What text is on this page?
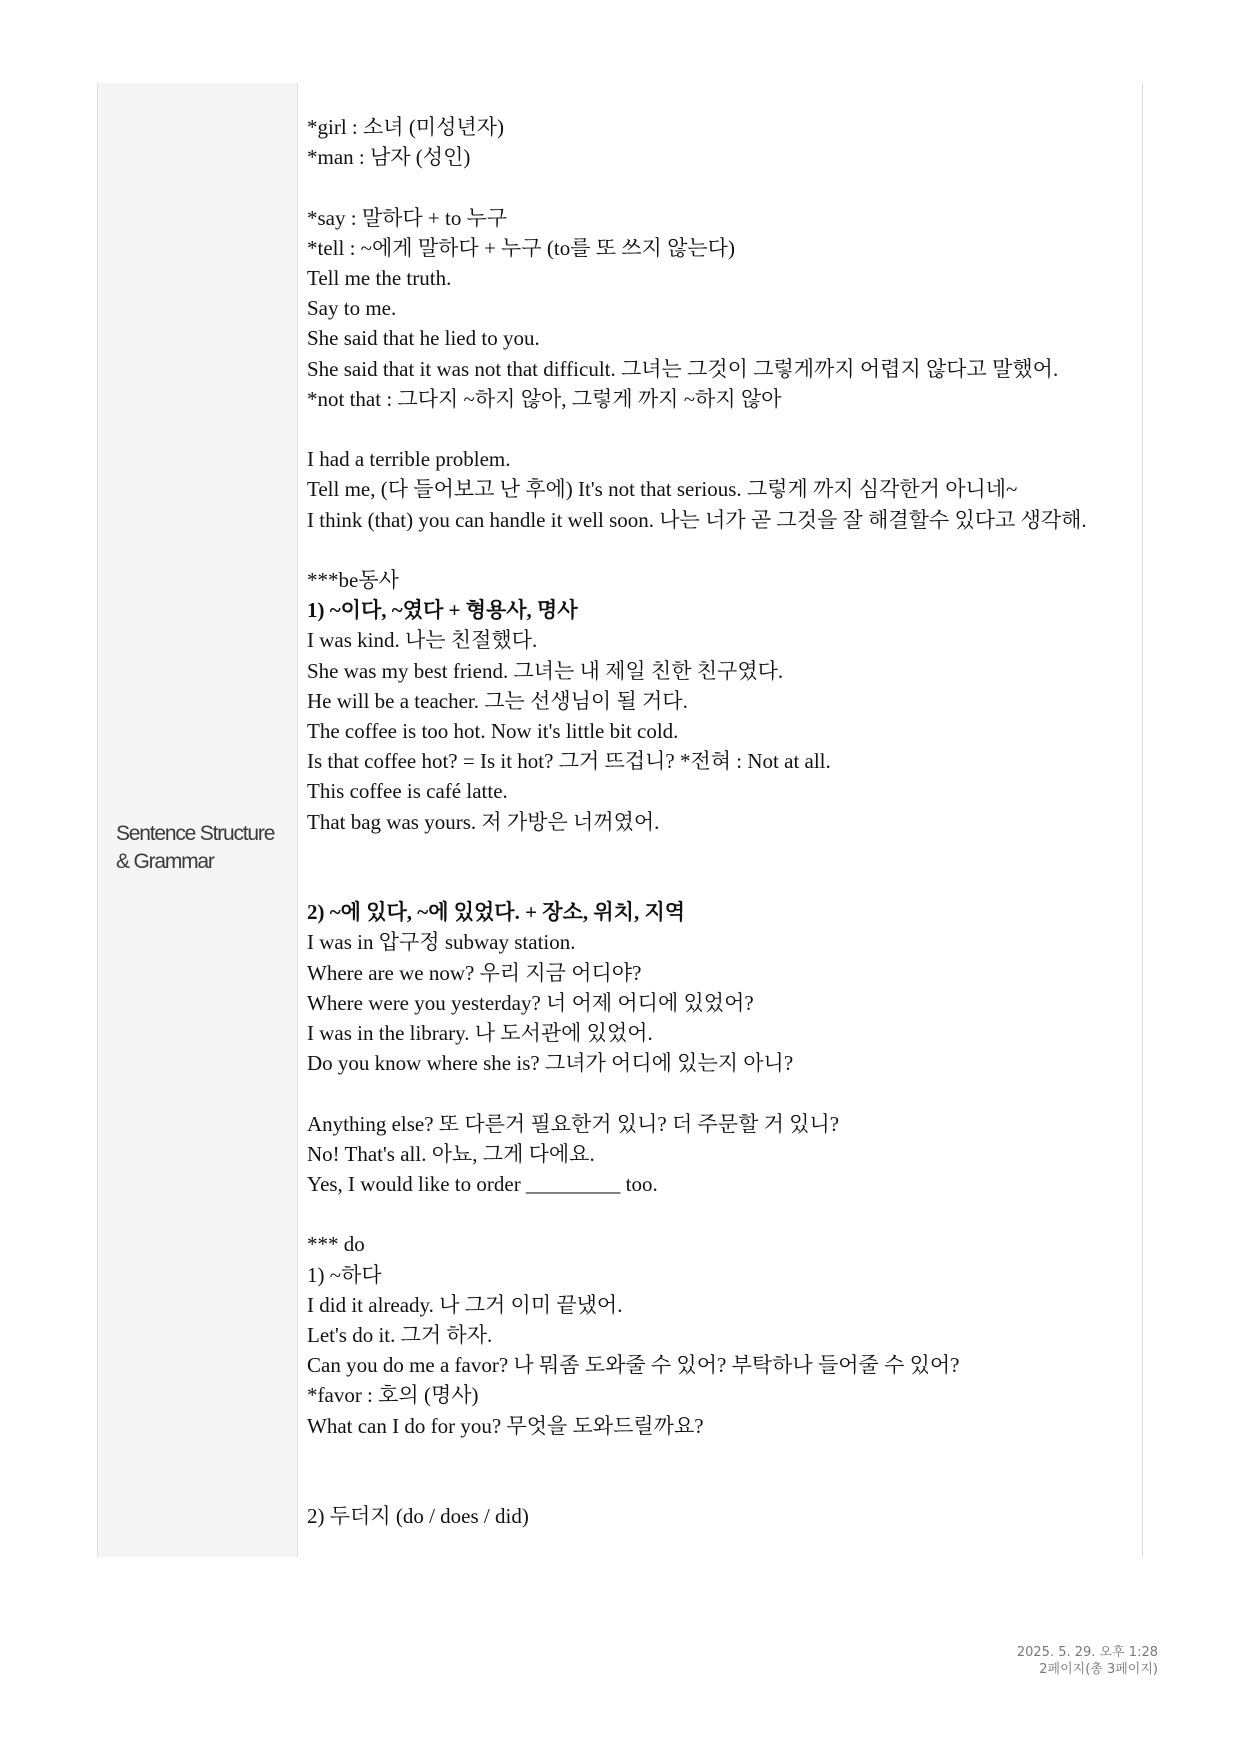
Sentence Structure
& Grammar
*girl : 소녀 (미성년자)
*man : 남자 (성인)
*say : 말하다 + to 누구
*tell : ~에게 말하다 + 누구 (to를 또 쓰지 않는다)
Tell me the truth.
Say to me.
She said that he lied to you.
She said that it was not that difficult. 그녀는 그것이 그렇게까지 어렵지 않다고 말했어.
*not that : 그다지 ~하지 않아, 그렇게 까지 ~하지 않아
I had a terrible problem.
Tell me, (다 들어보고 난 후에) It's not that serious. 그렇게 까지 심각한거 아니네~
I think (that) you can handle it well soon. 나는 너가 곧 그것을 잘 해결할수 있다고 생각해.
***be동사
1) ~이다, ~였다 + 형용사, 명사
I was kind. 나는 친절했다.
She was my best friend. 그녀는 내 제일 친한 친구였다.
He will be a teacher. 그는 선생님이 될 거다.
The coffee is too hot. Now it's little bit cold.
Is that coffee hot? = Is it hot? 그거 뜨겁니? *전혀 : Not at all.
This coffee is café latte.
That bag was yours. 저 가방은 너꺼였어.
2) ~에 있다, ~에 있었다. + 장소, 위치, 지역
I was in 압구정 subway station.
Where are we now? 우리 지금 어디야?
Where were you yesterday? 너 어제 어디에 있었어?
I was in the library. 나 도서관에 있었어.
Do you know where she is? 그녀가 어디에 있는지 아니?
Anything else? 또 다른거 필요한거 있니? 더 주문할 거 있니?
No! That's all. 아뇨, 그게 다에요.
Yes, I would like to order _________ too.
*** do
1) ~하다
I did it already. 나 그거 이미 끝냈어.
Let's do it. 그거 하자.
Can you do me a favor? 나 뭐좀 도와줄 수 있어? 부탁하나 들어줄 수 있어?
*favor : 호의 (명사)
What can I do for you? 무엇을 도와드릴까요?
2) 두더지 (do / does / did)
2025. 5. 29. 오후 1:28
2페이지(총 3페이지)
